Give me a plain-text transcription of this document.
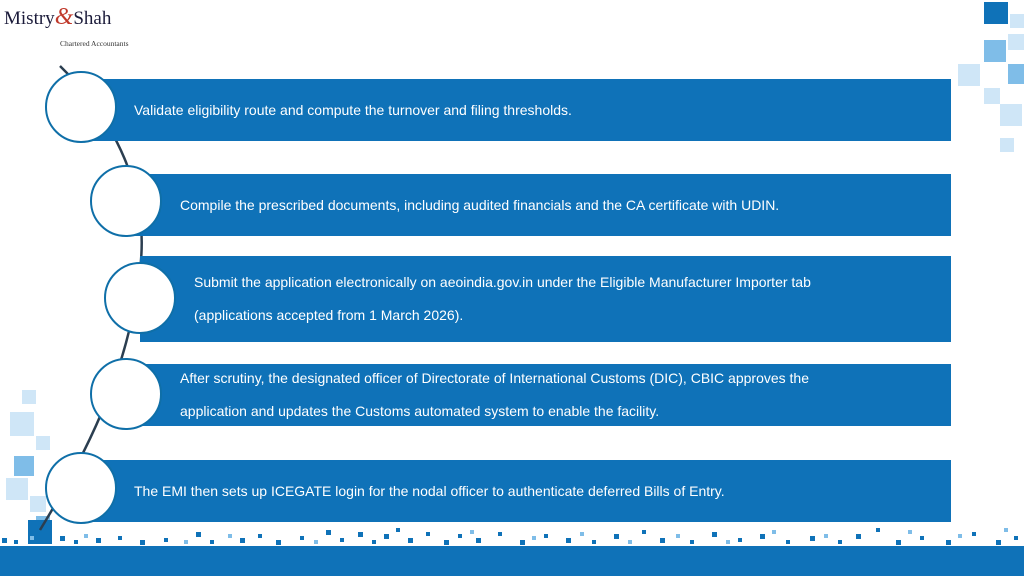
Mistry&Shah
Chartered Accountants
Validate eligibility route and compute the turnover and filing thresholds.
Compile the prescribed documents, including audited financials and the CA certificate with UDIN.
Submit the application electronically on aeoindia.gov.in under the Eligible Manufacturer Importer tab
(applications accepted from 1 March 2026).
After scrutiny, the designated officer of Directorate of International Customs (DIC), CBIC approves the
application and updates the Customs automated system to enable the facility.
The EMI then sets up ICEGATE login for the nodal officer to authenticate deferred Bills of Entry.
